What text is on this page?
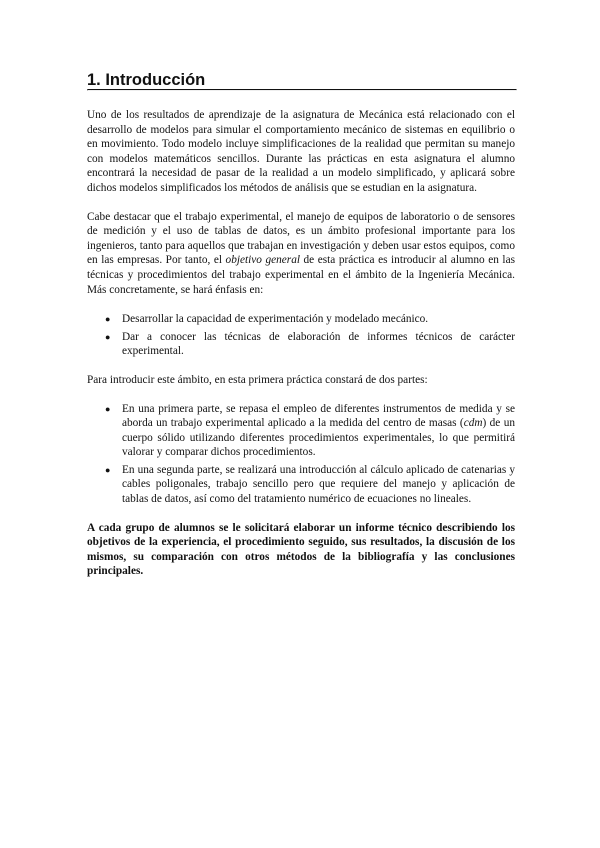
1. Introducción

Uno de los resultados de aprendizaje de la asignatura de Mecánica está relacionado con el desarrollo de modelos para simular el comportamiento mecánico de sistemas en equilibrio o en movimiento. Todo modelo incluye simplificaciones de la realidad que permitan su manejo con modelos matemáticos sencillos. Durante las prácticas en esta asignatura el alumno encontrará la necesidad de pasar de la realidad a un modelo simplificado, y aplicará sobre dichos modelos simplificados los métodos de análisis que se estudian en la asignatura.

Cabe destacar que el trabajo experimental, el manejo de equipos de laboratorio o de sensores de medición y el uso de tablas de datos, es un ámbito profesional importante para los ingenieros, tanto para aquellos que trabajan en investigación y deben usar estos equipos, como en las empresas. Por tanto, el objetivo general de esta práctica es introducir al alumno en las técnicas y procedimientos del trabajo experimental en el ámbito de la Ingeniería Mecánica. Más concretamente, se hará énfasis en:

● Desarrollar la capacidad de experimentación y modelado mecánico.
● Dar a conocer las técnicas de elaboración de informes técnicos de carácter experimental.

Para introducir este ámbito, en esta primera práctica constará de dos partes:

● En una primera parte, se repasa el empleo de diferentes instrumentos de medida y se aborda un trabajo experimental aplicado a la medida del centro de masas (cdm) de un cuerpo sólido utilizando diferentes procedimientos experimentales, lo que permitirá valorar y comparar dichos procedimientos.
● En una segunda parte, se realizará una introducción al cálculo aplicado de catenarias y cables poligonales, trabajo sencillo pero que requiere del manejo y aplicación de tablas de datos, así como del tratamiento numérico de ecuaciones no lineales.

A cada grupo de alumnos se le solicitará elaborar un informe técnico describiendo los objetivos de la experiencia, el procedimiento seguido, sus resultados, la discusión de los mismos, su comparación con otros métodos de la bibliografía y las conclusiones principales.
